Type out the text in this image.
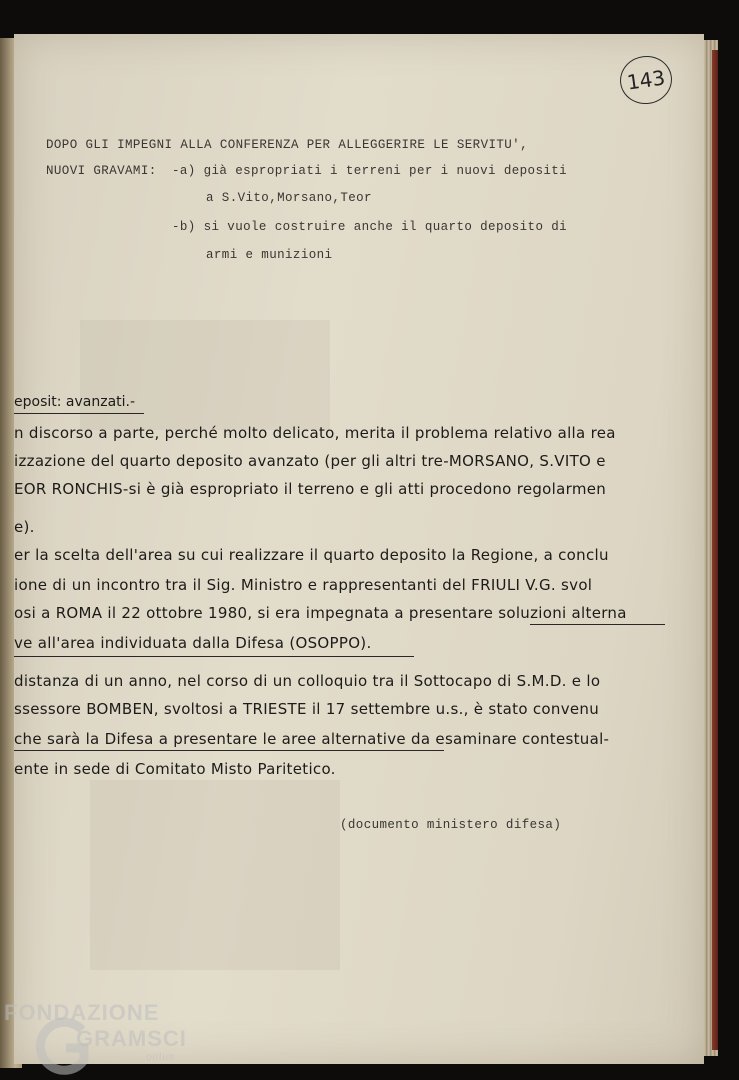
143
DOPO GLI IMPEGNI ALLA CONFERENZA PER ALLEGGERIRE LE SERVITU',
NUOVI GRAVAMI: -a) già espropriati i terreni per i nuovi depositi
a S.Vito,Morsano,Teor
-b) si vuole costruire anche il quarto deposito di
armi e munizioni
eposit: avanzati.-
n discorso a parte, perché molto delicato, merita il problema relativo alla rea
izzazione del quarto deposito avanzato (per gli altri tre-MORSANO, S.VITO e
EOR RONCHIS-si è già espropriato il terreno e gli atti procedono regolarmen
e).
er la scelta dell'area su cui realizzare il quarto deposito la Regione, a conclu
ione di un incontro tra il Sig. Ministro e rappresentanti del FRIULI V.G. svol
osi a ROMA il 22 ottobre 1980, si era impegnata a presentare soluzioni alterna
ve all'area individuata dalla Difesa (OSOPPO).
distanza di un anno, nel corso di un colloquio tra il Sottocapo di S.M.D. e lo
ssessore BOMBEN, svoltosi a TRIESTE il 17 settembre u.s., è stato convenu
che sarà la Difesa a presentare le aree alternative da esaminare contestual-
ente in sede di Comitato Misto Paritetico.
(documento ministero difesa)
FONDAZIONE
GRAMSCI
onlus
